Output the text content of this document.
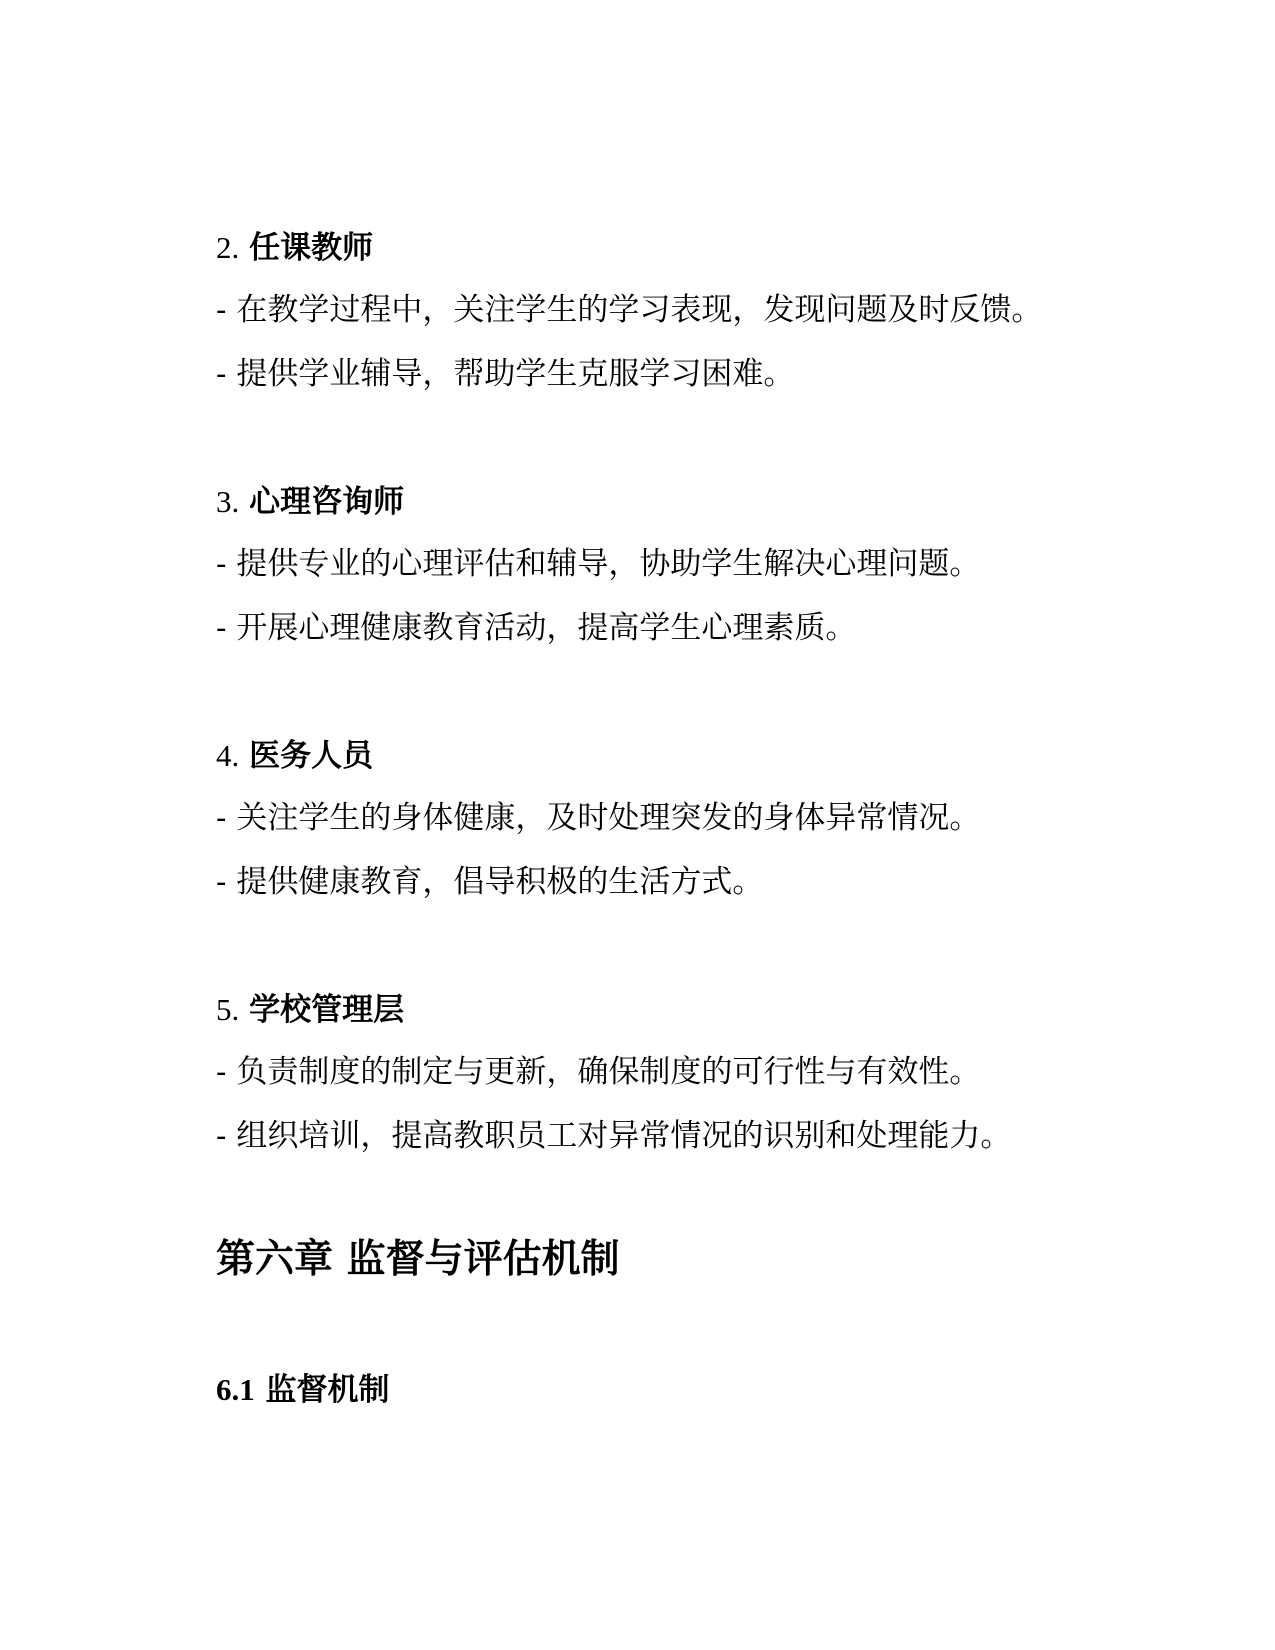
2. 任课教师
- 在教学过程中，关注学生的学习表现，发现问题及时反馈。
- 提供学业辅导，帮助学生克服学习困难。
3. 心理咨询师
- 提供专业的心理评估和辅导，协助学生解决心理问题。
- 开展心理健康教育活动，提高学生心理素质。
4. 医务人员
- 关注学生的身体健康，及时处理突发的身体异常情况。
- 提供健康教育，倡导积极的生活方式。
5. 学校管理层
- 负责制度的制定与更新，确保制度的可行性与有效性。
- 组织培训，提高教职员工对异常情况的识别和处理能力。
第六章 监督与评估机制
6.1 监督机制
